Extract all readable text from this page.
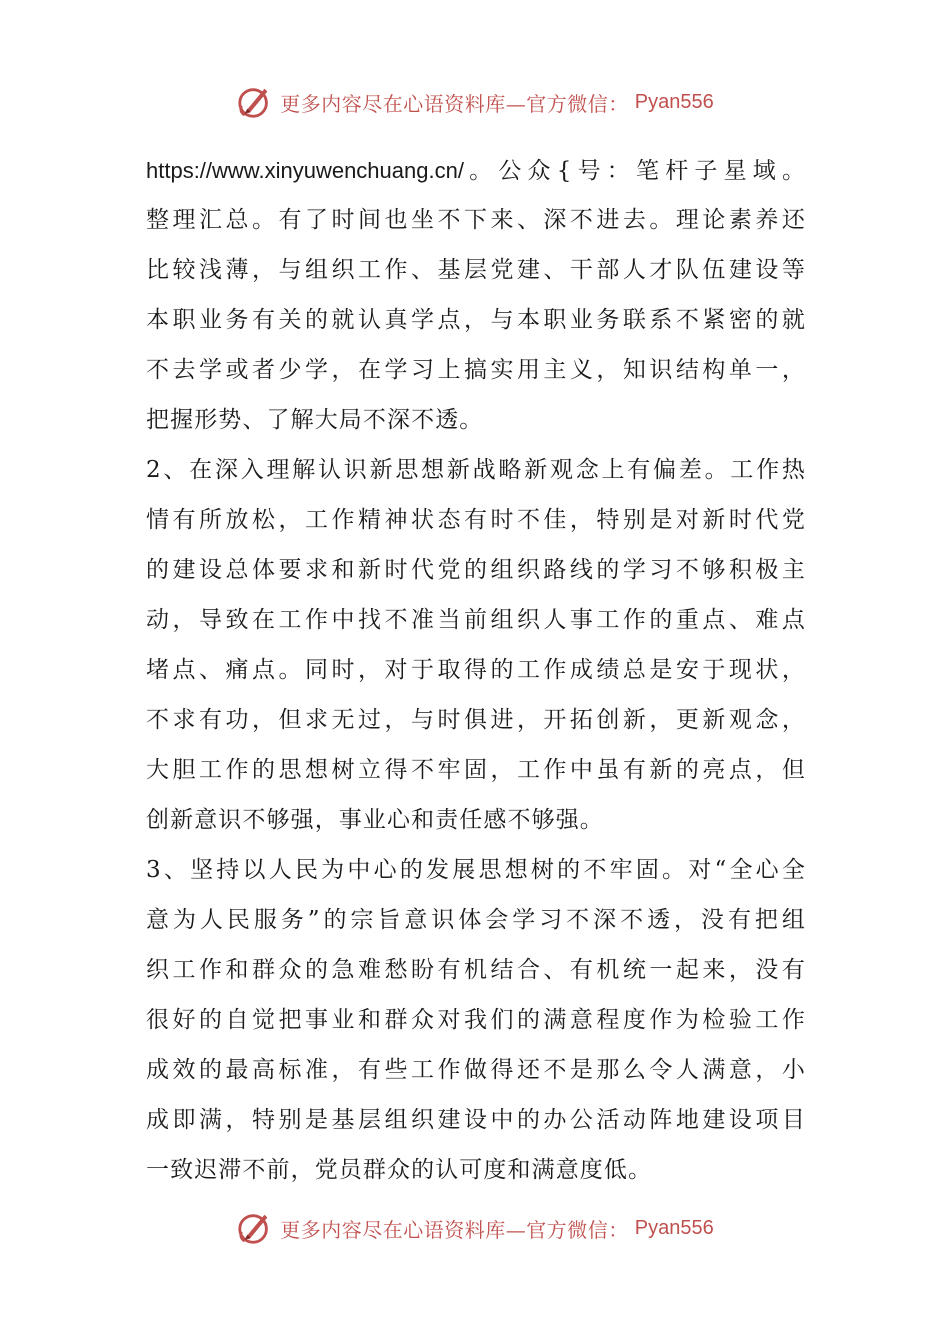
更多内容尽在心语资料库—官方微信： Pyan556
https://www.xinyuwenchuang.cn/。公众{号：笔杆子星域。
整理汇总。有了时间也坐不下来、深不进去。理论素养还
比较浅薄，与组织工作、基层党建、干部人才队伍建设等
本职业务有关的就认真学点，与本职业务联系不紧密的就
不去学或者少学，在学习上搞实用主义，知识结构单一，
把握形势、了解大局不深不透。
2、在深入理解认识新思想新战略新观念上有偏差。工作热
情有所放松，工作精神状态有时不佳，特别是对新时代党
的建设总体要求和新时代党的组织路线的学习不够积极主
动，导致在工作中找不准当前组织人事工作的重点、难点
堵点、痛点。同时，对于取得的工作成绩总是安于现状，
不求有功，但求无过，与时俱进，开拓创新，更新观念，
大胆工作的思想树立得不牢固，工作中虽有新的亮点，但
创新意识不够强，事业心和责任感不够强。
3、坚持以人民为中心的发展思想树的不牢固。对“全心全
意为人民服务”的宗旨意识体会学习不深不透，没有把组
织工作和群众的急难愁盼有机结合、有机统一起来，没有
很好的自觉把事业和群众对我们的满意程度作为检验工作
成效的最高标准，有些工作做得还不是那么令人满意，小
成即满，特别是基层组织建设中的办公活动阵地建设项目
一致迟滞不前，党员群众的认可度和满意度低。
更多内容尽在心语资料库—官方微信： Pyan556
